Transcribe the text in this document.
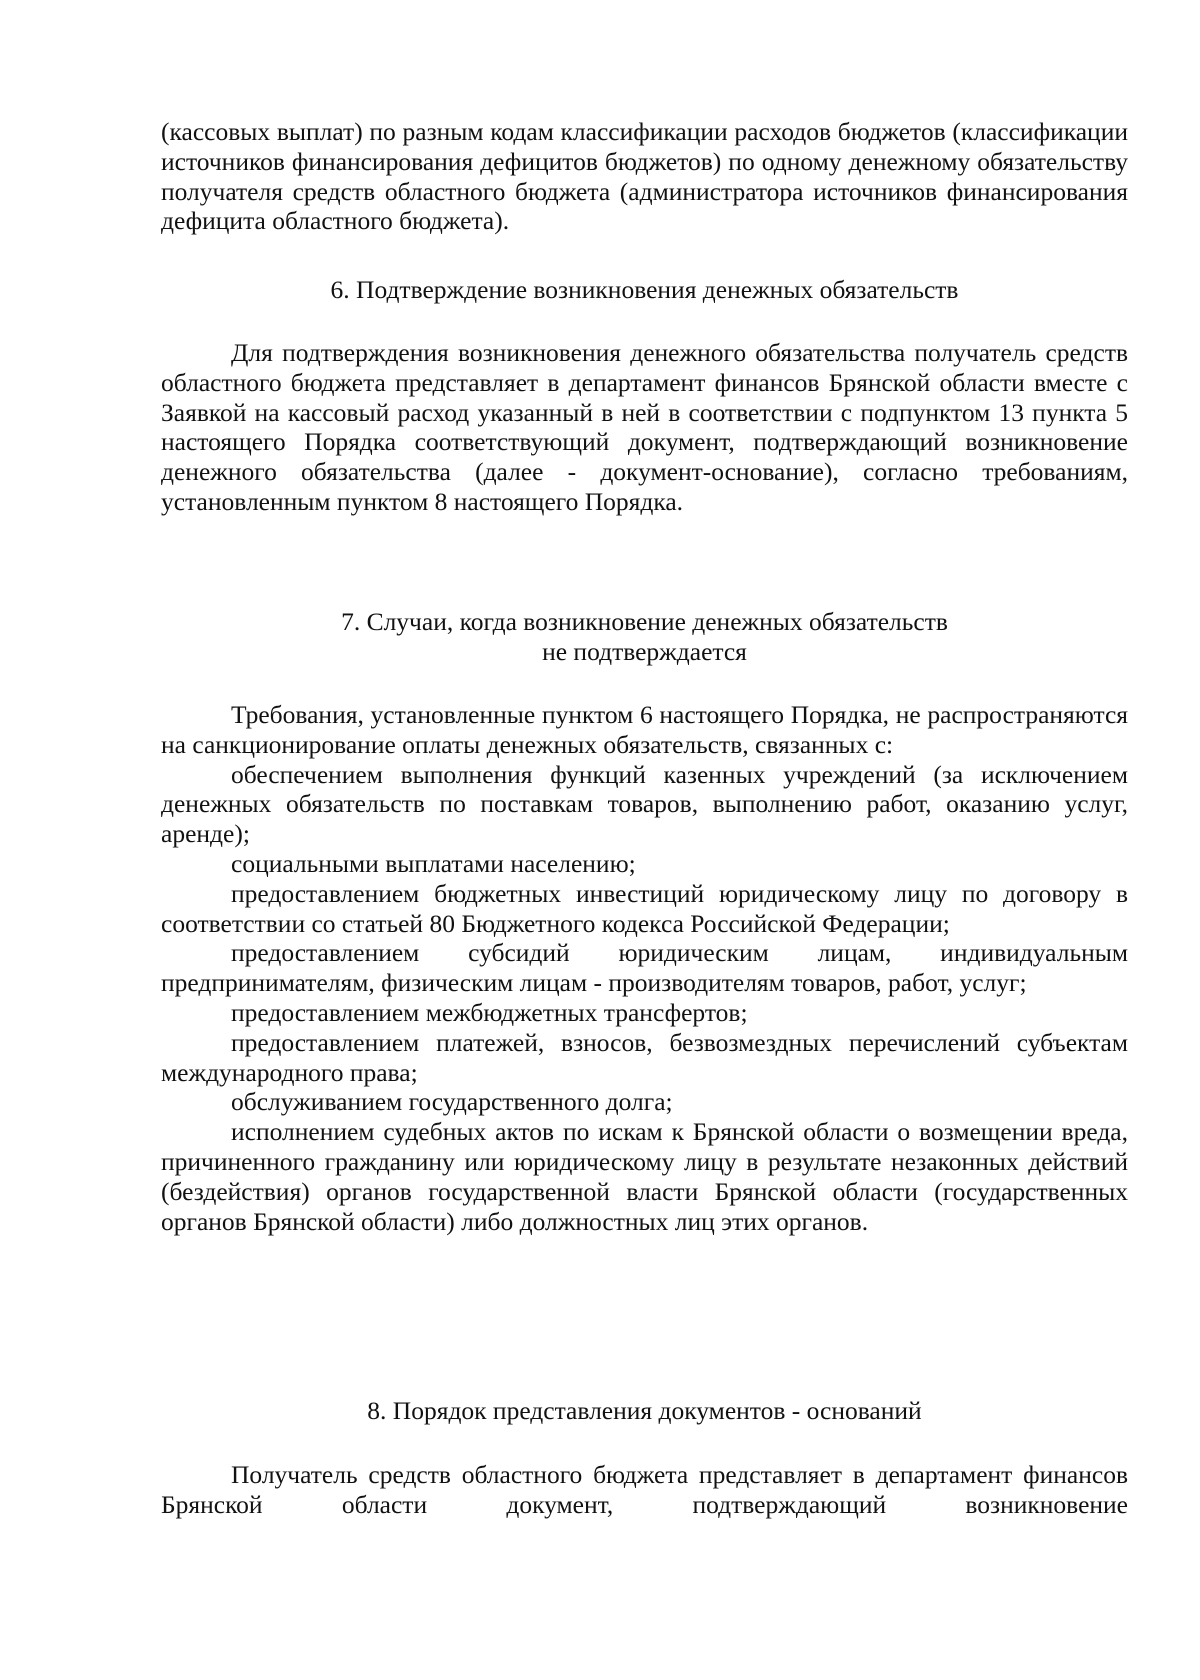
(кассовых выплат) по разным кодам классификации расходов бюджетов (классификации источников финансирования дефицитов бюджетов) по одному денежному обязательству получателя средств областного бюджета (администратора источников финансирования дефицита областного бюджета).

6. Подтверждение возникновения денежных обязательств

Для подтверждения возникновения денежного обязательства получатель средств областного бюджета представляет в департамент финансов Брянской области вместе с Заявкой на кассовый расход указанный в ней в соответствии с подпунктом 13 пункта 5 настоящего Порядка соответствующий документ, подтверждающий возникновение денежного обязательства (далее - документ-основание), согласно требованиям, установленным пунктом 8 настоящего Порядка.

7. Случаи, когда возникновение денежных обязательств
не подтверждается

Требования, установленные пунктом 6 настоящего Порядка, не распространяются на санкционирование оплаты денежных обязательств, связанных с:

обеспечением выполнения функций казенных учреждений (за исключением денежных обязательств по поставкам товаров, выполнению работ, оказанию услуг, аренде);

социальными выплатами населению;

предоставлением бюджетных инвестиций юридическому лицу по договору в соответствии со статьей 80 Бюджетного кодекса Российской Федерации;

предоставлением субсидий юридическим лицам, индивидуальным предпринимателям, физическим лицам - производителям товаров, работ, услуг;

предоставлением межбюджетных трансфертов;

предоставлением платежей, взносов, безвозмездных перечислений субъектам международного права;

обслуживанием государственного долга;

исполнением судебных актов по искам к Брянской области о возмещении вреда, причиненного гражданину или юридическому лицу в результате незаконных действий (бездействия) органов государственной власти Брянской области (государственных органов Брянской области) либо должностных лиц этих органов.

8. Порядок представления документов - оснований

Получатель средств областного бюджета представляет в департамент финансов Брянской области документ, подтверждающий возникновение
